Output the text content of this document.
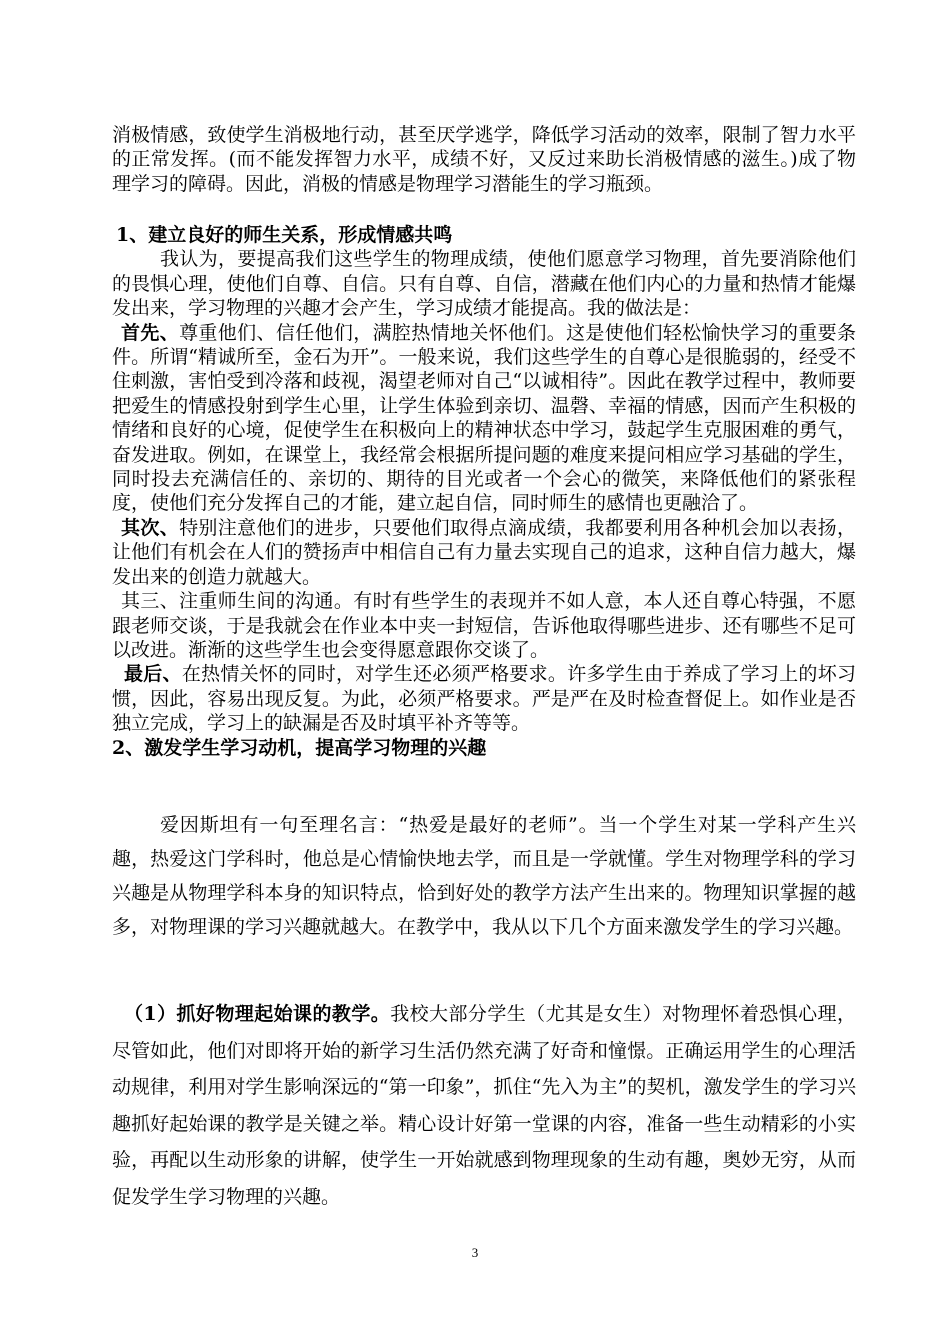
消极情感，致使学生消极地行动，甚至厌学逃学，降低学习活动的效率，限制了智力水平的正常发挥。(而不能发挥智力水平，成绩不好，又反过来助长消极情感的滋生。)成了物理学习的障碍。因此，消极的情感是物理学习潜能生的学习瓶颈。

1、建立良好的师生关系，形成情感共鸣

我认为，要提高我们这些学生的物理成绩，使他们愿意学习物理，首先要消除他们的畏惧心理，使他们自尊、自信。只有自尊、自信，潜藏在他们内心的力量和热情才能爆发出来，学习物理的兴趣才会产生，学习成绩才能提高。我的做法是：

首先、尊重他们、信任他们，满腔热情地关怀他们。这是使他们轻松愉快学习的重要条件。所谓“精诚所至，金石为开”。一般来说，我们这些学生的自尊心是很脆弱的，经受不住刺激，害怕受到冷落和歧视，渴望老师对自己“以诚相待”。因此在教学过程中，教师要把爱生的情感投射到学生心里，让学生体验到亲切、温磬、幸福的情感，因而产生积极的情绪和良好的心境，促使学生在积极向上的精神状态中学习，鼓起学生克服困难的勇气，奋发进取。例如，在课堂上，我经常会根据所提问题的难度来提问相应学习基础的学生，同时投去充满信任的、亲切的、期待的目光或者一个会心的微笑，来降低他们的紧张程度，使他们充分发挥自己的才能，建立起自信，同时师生的感情也更融洽了。

其次、特别注意他们的进步，只要他们取得点滴成绩，我都要利用各种机会加以表扬，让他们有机会在人们的赞扬声中相信自己有力量去实现自己的追求，这种自信力越大，爆发出来的创造力就越大。

其三、注重师生间的沟通。有时有些学生的表现并不如人意，本人还自尊心特强，不愿跟老师交谈，于是我就会在作业本中夹一封短信，告诉他取得哪些进步、还有哪些不足可以改进。渐渐的这些学生也会变得愿意跟你交谈了。

最后、在热情关怀的同时，对学生还必须严格要求。许多学生由于养成了学习上的坏习惯，因此，容易出现反复。为此，必须严格要求。严是严在及时检查督促上。如作业是否独立完成，学习上的缺漏是否及时填平补齐等等。

2、激发学生学习动机，提高学习物理的兴趣

爱因斯坦有一句至理名言：“热爱是最好的老师”。当一个学生对某一学科产生兴趣，热爱这门学科时，他总是心情愉快地去学，而且是一学就懂。学生对物理学科的学习兴趣是从物理学科本身的知识特点，恰到好处的教学方法产生出来的。物理知识掌握的越多，对物理课的学习兴趣就越大。在教学中，我从以下几个方面来激发学生的学习兴趣。

（1）抓好物理起始课的教学。我校大部分学生（尤其是女生）对物理怀着恐惧心理，尽管如此，他们对即将开始的新学习生活仍然充满了好奇和憧憬。正确运用学生的心理活动规律，利用对学生影响深远的“第一印象”，抓住“先入为主”的契机，激发学生的学习兴趣抓好起始课的教学是关键之举。精心设计好第一堂课的内容，准备一些生动精彩的小实验，再配以生动形象的讲解，使学生一开始就感到物理现象的生动有趣，奥妙无穷，从而促发学生学习物理的兴趣。

3
